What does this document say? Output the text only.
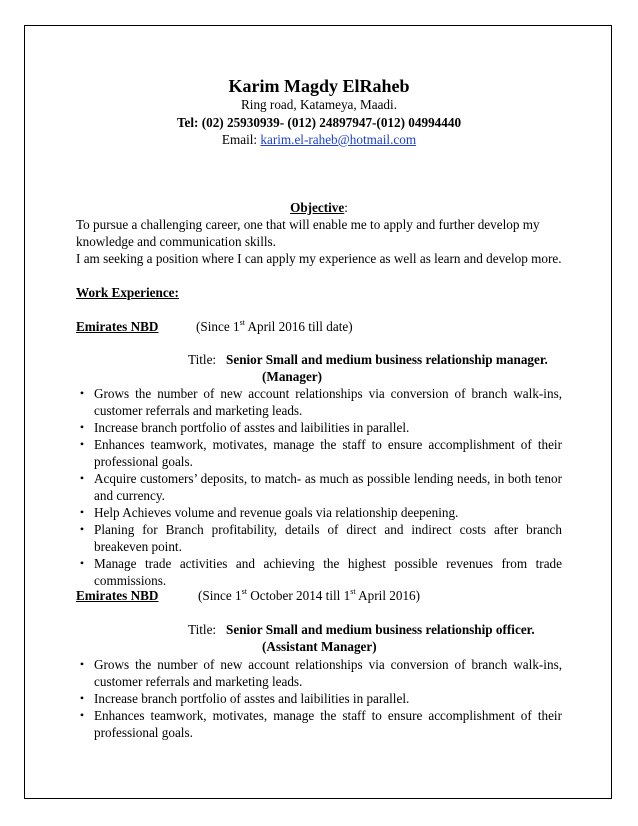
Karim Magdy ElRaheb
Ring road, Katameya, Maadi.
Tel: (02) 25930939- (012) 24897947-(012) 04994440
Email: karim.el-raheb@hotmail.com
Objective:
To pursue a challenging career, one that will enable me to apply and further develop my
knowledge and communication skills.
I am seeking a position where I can apply my experience as well as learn and develop more.
Work Experience:
Emirates NBD	(Since 1st April 2016 till date)
Title: Senior Small and medium business relationship manager.
(Manager)
• Grows the number of new account relationships via conversion of branch walk-ins, customer referrals and marketing leads.
• Increase branch portfolio of asstes and laibilities in parallel.
• Enhances teamwork, motivates, manage the staff to ensure accomplishment of their professional goals.
• Acquire customers’ deposits, to match- as much as possible lending needs, in both tenor and currency.
• Help Achieves volume and revenue goals via relationship deepening.
• Planing for Branch profitability, details of direct and indirect costs after branch breakeven point.
• Manage trade activities and achieving the highest possible revenues from trade commissions.
Emirates NBD	(Since 1st October 2014 till 1st April 2016)
Title: Senior Small and medium business relationship officer.
(Assistant Manager)
• Grows the number of new account relationships via conversion of branch walk-ins, customer referrals and marketing leads.
• Increase branch portfolio of asstes and laibilities in parallel.
• Enhances teamwork, motivates, manage the staff to ensure accomplishment of their professional goals.
